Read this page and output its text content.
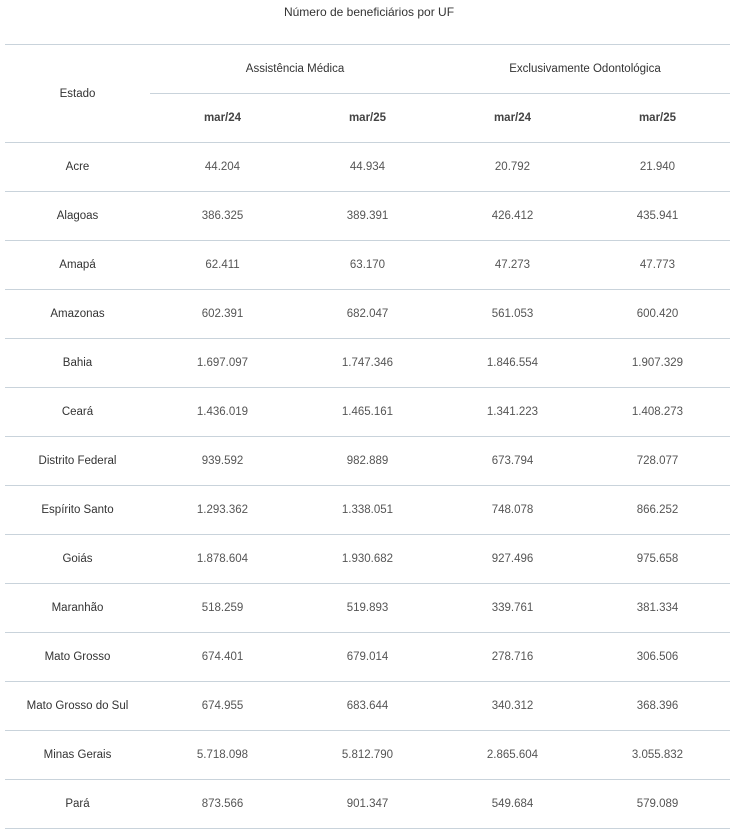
Número de beneficiários por UF
Estado	Assistência Médica		Exclusivamente Odontológica	
	mar/24	mar/25	mar/24	mar/25
Acre	44.204	44.934	20.792	21.940
Alagoas	386.325	389.391	426.412	435.941
Amapá	62.411	63.170	47.273	47.773
Amazonas	602.391	682.047	561.053	600.420
Bahia	1.697.097	1.747.346	1.846.554	1.907.329
Ceará	1.436.019	1.465.161	1.341.223	1.408.273
Distrito Federal	939.592	982.889	673.794	728.077
Espírito Santo	1.293.362	1.338.051	748.078	866.252
Goiás	1.878.604	1.930.682	927.496	975.658
Maranhão	518.259	519.893	339.761	381.334
Mato Grosso	674.401	679.014	278.716	306.506
Mato Grosso do Sul	674.955	683.644	340.312	368.396
Minas Gerais	5.718.098	5.812.790	2.865.604	3.055.832
Pará	873.566	901.347	549.684	579.089
